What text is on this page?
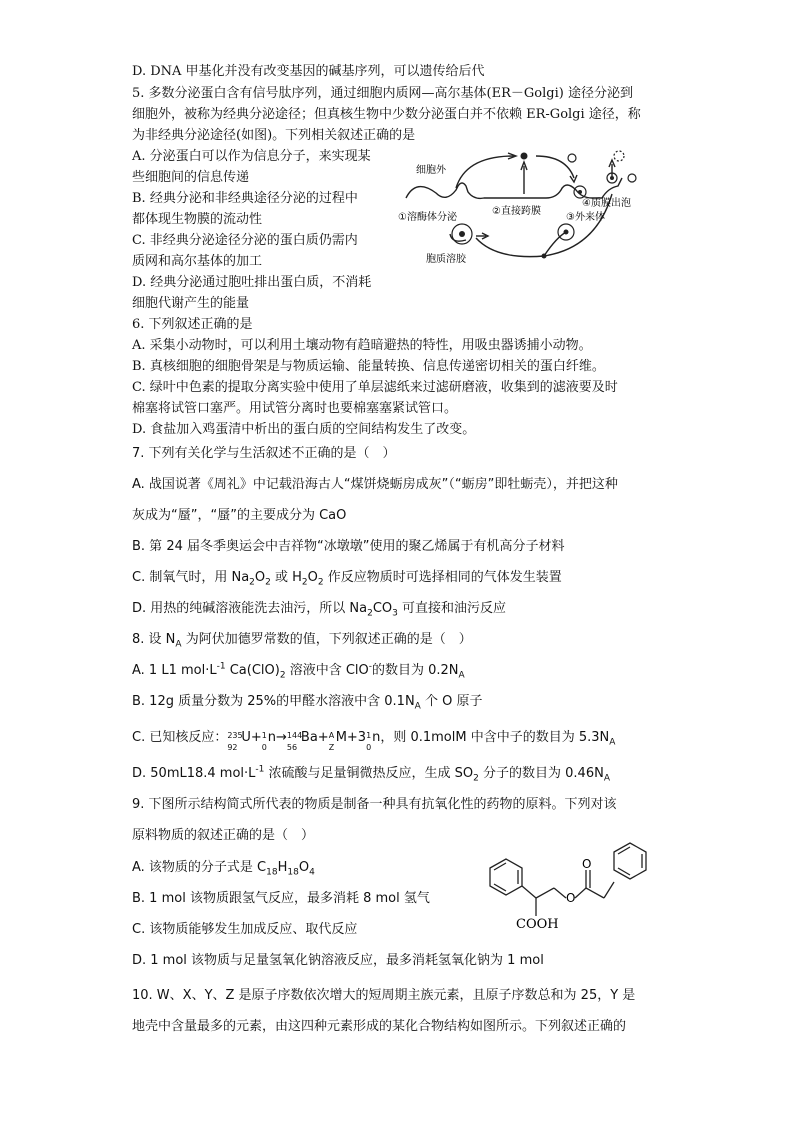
D. DNA 甲基化并没有改变基因的碱基序列，可以遗传给后代
5. 多数分泌蛋白含有信号肽序列，通过细胞内质网—高尔基体(ER－Golgi) 途径分泌到
细胞外，被称为经典分泌途径；但真核生物中少数分泌蛋白并不依赖 ER-Golgi 途径，称
为非经典分泌途径(如图)。下列相关叙述正确的是
A. 分泌蛋白可以作为信息分子，来实现某
些细胞间的信息传递
B. 经典分泌和非经典途径分泌的过程中
都体现生物膜的流动性
C. 非经典分泌途径分泌的蛋白质仍需内
质网和高尔基体的加工
D. 经典分泌通过胞吐排出蛋白质，不消耗
细胞代谢产生的能量
细胞外
①溶酶体分泌
②直接跨膜
③外来体
④质膜出泡
胞质溶胶
6. 下列叙述正确的是
A. 采集小动物时，可以利用土壤动物有趋暗避热的特性，用吸虫器诱捕小动物。
B. 真核细胞的细胞骨架是与物质运输、能量转换、信息传递密切相关的蛋白纤维。
C. 绿叶中色素的提取分离实验中使用了单层滤纸来过滤研磨液，收集到的滤液要及时
棉塞将试管口塞严。用试管分离时也要棉塞塞紧试管口。
D. 食盐加入鸡蛋清中析出的蛋白质的空间结构发生了改变。
7. 下列有关化学与生活叙述不正确的是（　）
A. 战国说著《周礼》中记载沿海古人“煤饼烧蛎房成灰”（“蛎房”即牡蛎壳），并把这种
灰成为“蜃”，“蜃”的主要成分为 CaO
B. 第 24 届冬季奥运会中吉祥物“冰墩墩”使用的聚乙烯属于有机高分子材料
C. 制氧气时，用 $Na_2O_2$ 或 $H_2O_2$ 作反应物质时可选择相同的气体发生装置
D. 用热的纯碱溶液能洗去油污，所以 $Na_2CO_3$ 可直接和油污反应
8. 设 $N_A$ 为阿伏加德罗常数的值，下列叙述正确的是（　）
A. 1 L1 $mol\cdot L^{-1}$ $Ca(ClO)_2$ 溶液中含 ClO-的数目为 $0.2N_A$
B. 12g 质量分数为 25%的甲醛水溶液中含 $0.1N_A$ 个 O 原子
C. 已知核反应： 235
92
U+ 1
0
n→ 144
56
Ba+ A
Z
M+3 1
0
n，则 0.1molM 中含中子的数目为 $5.3N_A$
D. 50mL18.4 $mol\cdot L^{-1}$ 浓硫酸与足量铜微热反应，生成 $SO_2$ 分子的数目为 $0.46N_A$
9. 下图所示结构简式所代表的物质是制备一种具有抗氧化性的药物的原料。下列对该
原料物质的叙述正确的是（　）
A. 该物质的分子式是 $C_{18}H_{18}O_4$
B. 1 mol 该物质跟氢气反应，最多消耗 8 mol 氢气
C. 该物质能够发生加成反应、取代反应
D. 1 mol 该物质与足量氢氧化钠溶液反应，最多消耗氢氧化钠为 1 mol
O
O
COOH
10. W、X、Y、Z 是原子序数依次增大的短周期主族元素，且原子序数总和为 25，Y 是
地壳中含量最多的元素，由这四种元素形成的某化合物结构如图所示。下列叙述正确的
